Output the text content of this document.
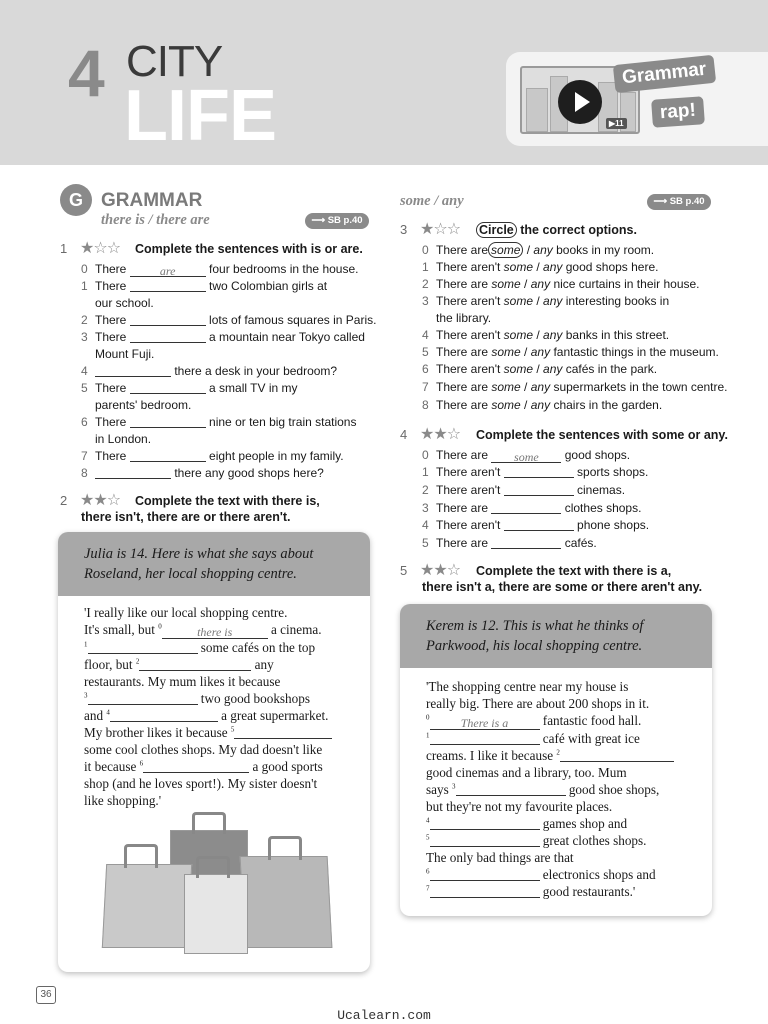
4 CITY
LIFE	▶11
Grammar
rap!
G GRAMMAR
there is / there are	⟶ SB p.40
1 ★☆☆ Complete the sentences with is or are.
0 There	are	four bedrooms in the house.
1 There	two Colombian girls at
our school.
2 There	lots of famous squares in Paris.
3 There	a mountain near Tokyo called
Mount Fuji.
4	there a desk in your bedroom?
5 There	a small TV in my
parents' bedroom.
6 There	nine or ten big train stations
in London.
7 There	eight people in my family.
8	there any good shops here?
2 ★★☆ Complete the text with there is,
there isn't, there are or there aren't.
Julia is 14. Here is what she says about
Roseland, her local shopping centre.
'I really like our local shopping centre.
It's small, but $^0$	there is	a cinema.
$^1$	some cafés on the top
floor, but $^2$	any
restaurants. My mum likes it because
$^3$	two good bookshops
and $^4$	a great supermarket.
My brother likes it because $^5$
some cool clothes shops. My dad doesn't like
it because $^6$	a good sports
shop (and he loves sport!). My sister doesn't
like shopping.'
36
some / any	⟶ SB p.40
3 ★☆☆ Circle the correct options.
0 There are some / any books in my room.
1 There aren't some / any good shops here.
2 There are some / any nice curtains in their house.
3 There aren't some / any interesting books in
the library.
4 There aren't some / any banks in this street.
5 There are some / any fantastic things in the museum.
6 There aren't some / any cafés in the park.
7 There are some / any supermarkets in the town centre.
8 There are some / any chairs in the garden.
4 ★★☆ Complete the sentences with some or any.
0 There are some good shops.
1 There aren't	sports shops.
2 There aren't	cinemas.
3 There are	clothes shops.
4 There aren't	phone shops.
5 There are	cafés.
5 ★★☆ Complete the text with there is a,
there isn't a, there are some or there aren't any.
Kerem is 12. This is what he thinks of
Parkwood, his local shopping centre.
'The shopping centre near my house is
really big. There are about 200 shops in it.
$^0$	There is a	fantastic food hall.
$^1$	café with great ice
creams. I like it because $^2$
good cinemas and a library, too. Mum
says $^3$	good shoe shops,
but they're not my favourite places.
$^4$	games shop and
$^5$	great clothes shops.
The only bad things are that
$^6$	electronics shops and
$^7$	good restaurants.'
Ucalearn.com
